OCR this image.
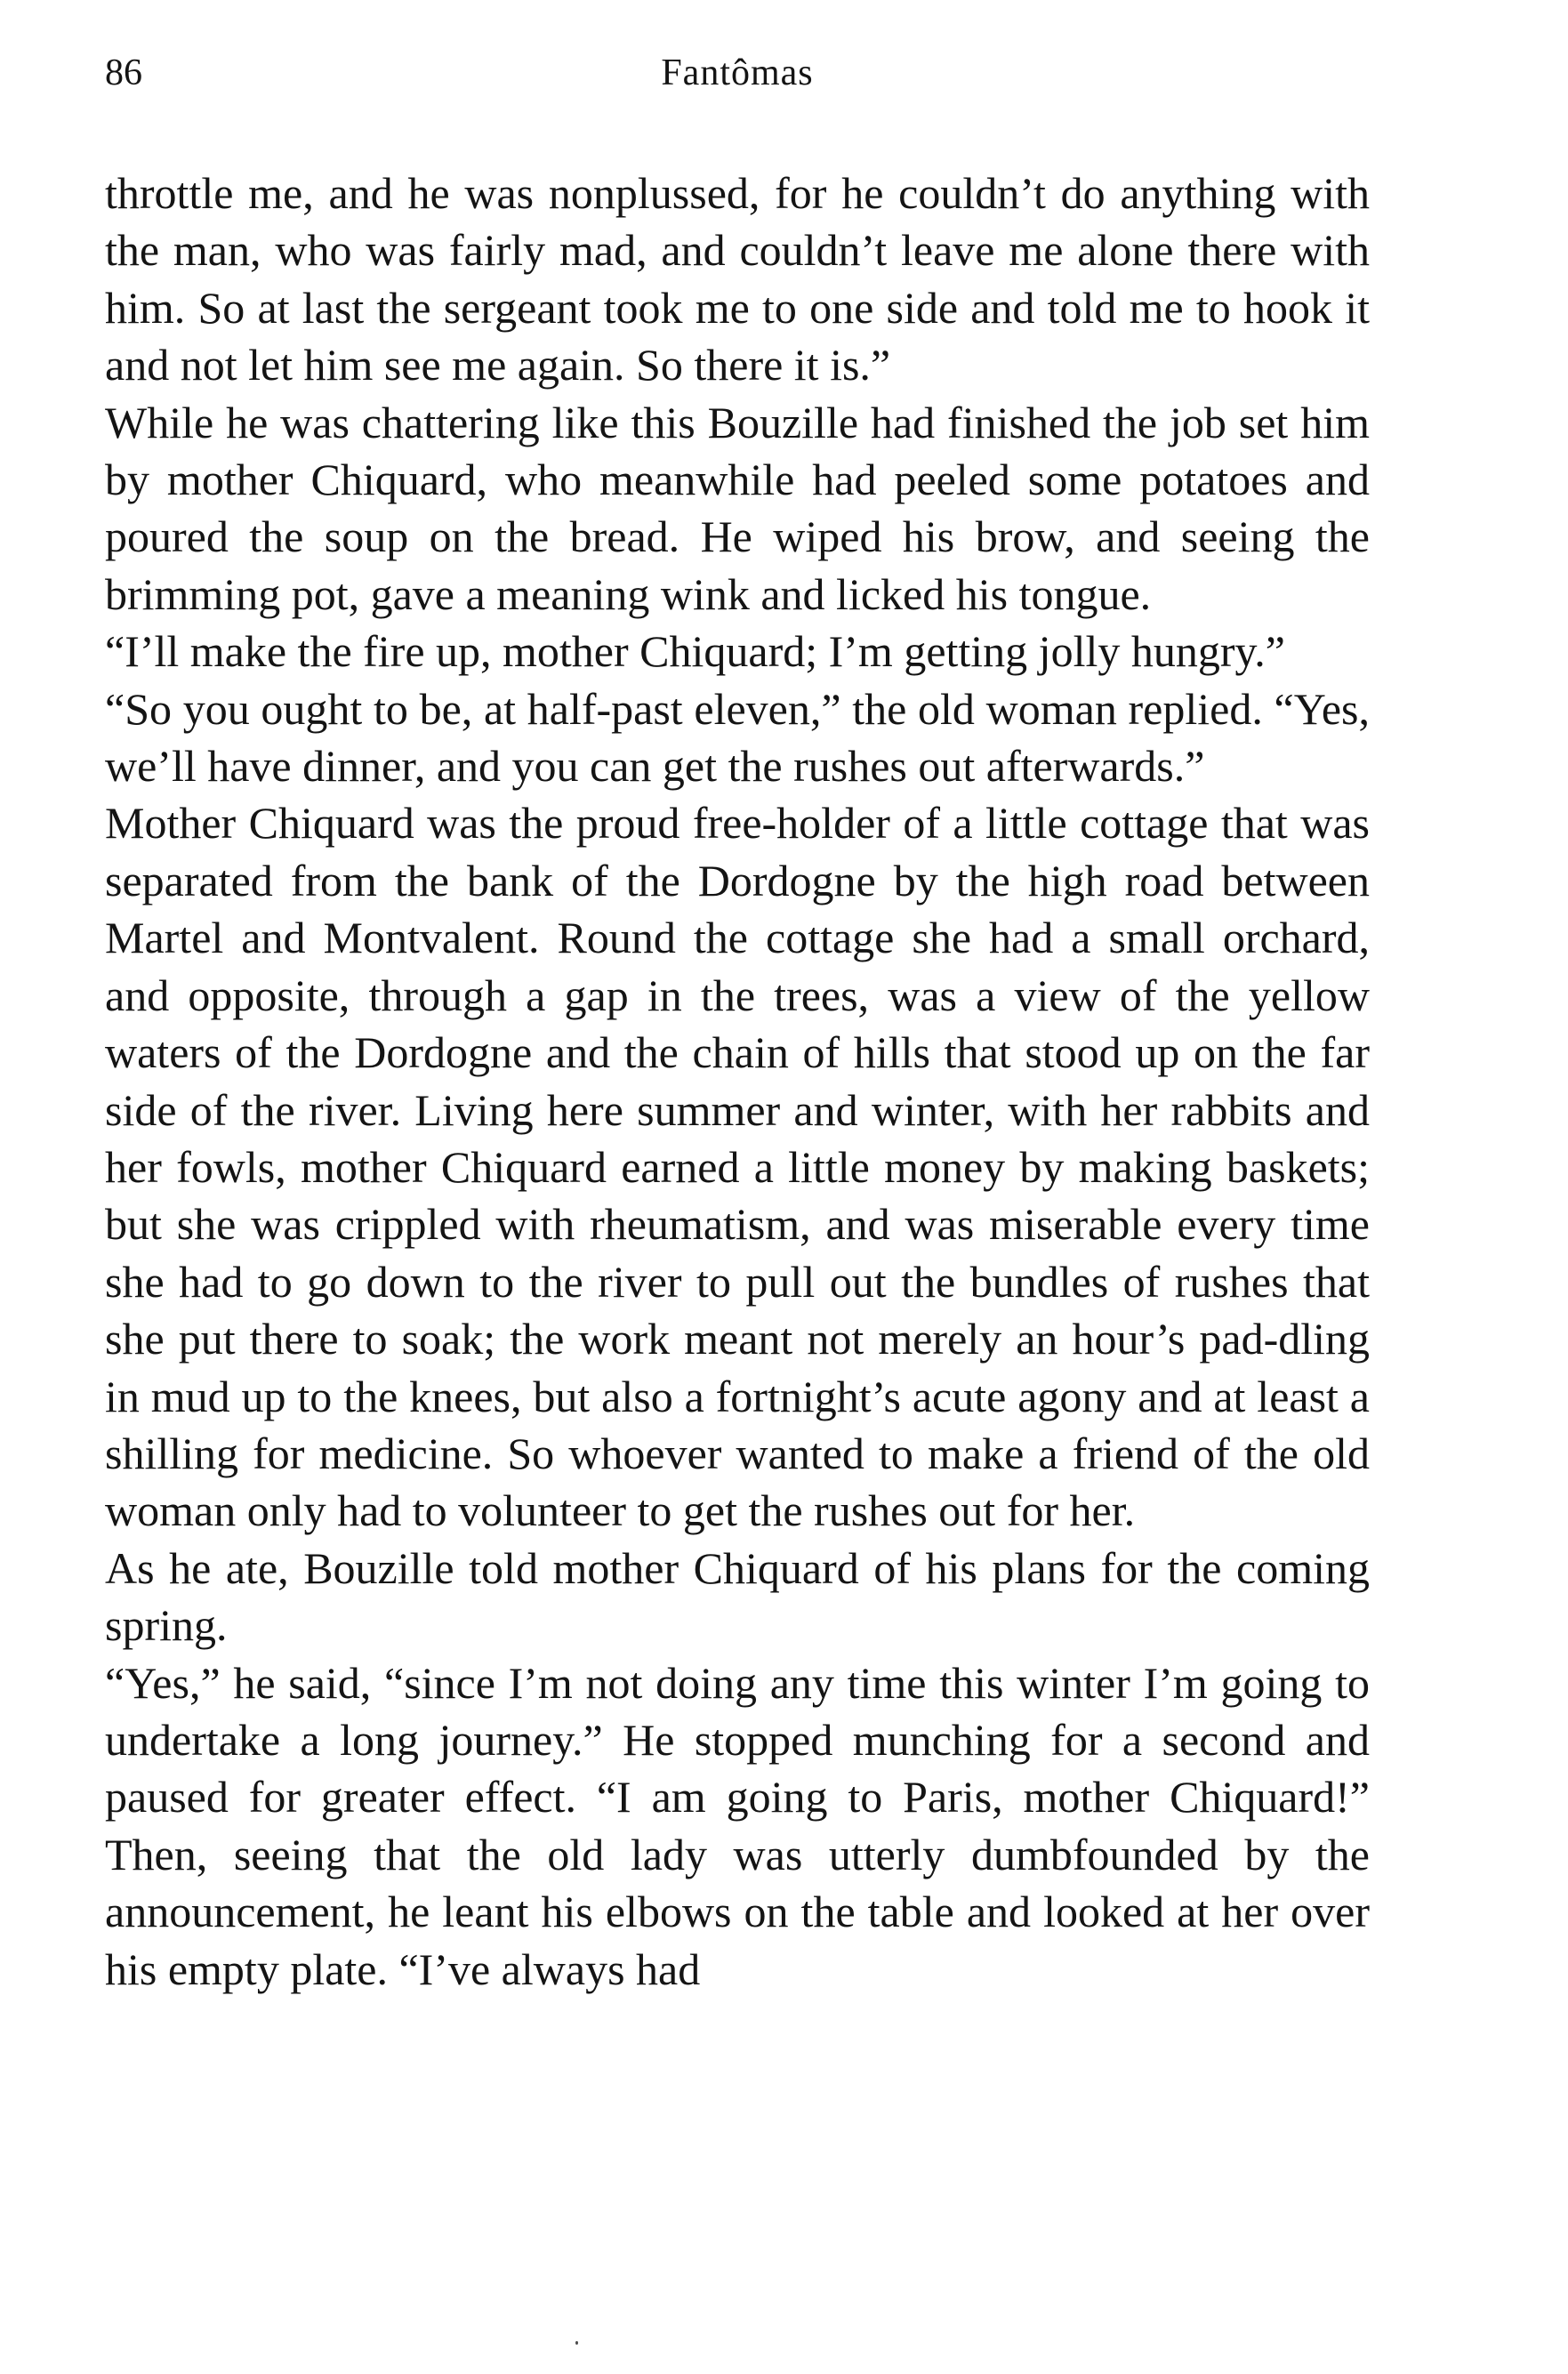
86	Fantômas

throttle me, and he was nonplussed, for he couldn’t do anything with the man, who was fairly mad, and couldn’t leave me alone there with him. So at last the sergeant took me to one side and told me to hook it and not let him see me again. So there it is.”

While he was chattering like this Bouzille had finished the job set him by mother Chiquard, who meanwhile had peeled some potatoes and poured the soup on the bread. He wiped his brow, and seeing the brimming pot, gave a meaning wink and licked his tongue.

“I’ll make the fire up, mother Chiquard; I’m getting jolly hungry.”

“So you ought to be, at half-past eleven,” the old woman replied. “Yes, we’ll have dinner, and you can get the rushes out afterwards.”

Mother Chiquard was the proud free-holder of a little cottage that was separated from the bank of the Dordogne by the high road between Martel and Montvalent. Round the cottage she had a small orchard, and opposite, through a gap in the trees, was a view of the yellow waters of the Dordogne and the chain of hills that stood up on the far side of the river. Living here summer and winter, with her rabbits and her fowls, mother Chiquard earned a little money by making baskets; but she was crippled with rheumatism, and was miserable every time she had to go down to the river to pull out the bundles of rushes that she put there to soak; the work meant not merely an hour’s pad-dling in mud up to the knees, but also a fortnight’s acute agony and at least a shilling for medicine. So whoever wanted to make a friend of the old woman only had to volunteer to get the rushes out for her.

As he ate, Bouzille told mother Chiquard of his plans for the coming spring.

“Yes,” he said, “since I’m not doing any time this winter I’m going to undertake a long journey.” He stopped munching for a second and paused for greater effect. “I am going to Paris, mother Chiquard!” Then, seeing that the old lady was utterly dumbfounded by the announcement, he leant his elbows on the table and looked at her over his empty plate. “I’ve always had
